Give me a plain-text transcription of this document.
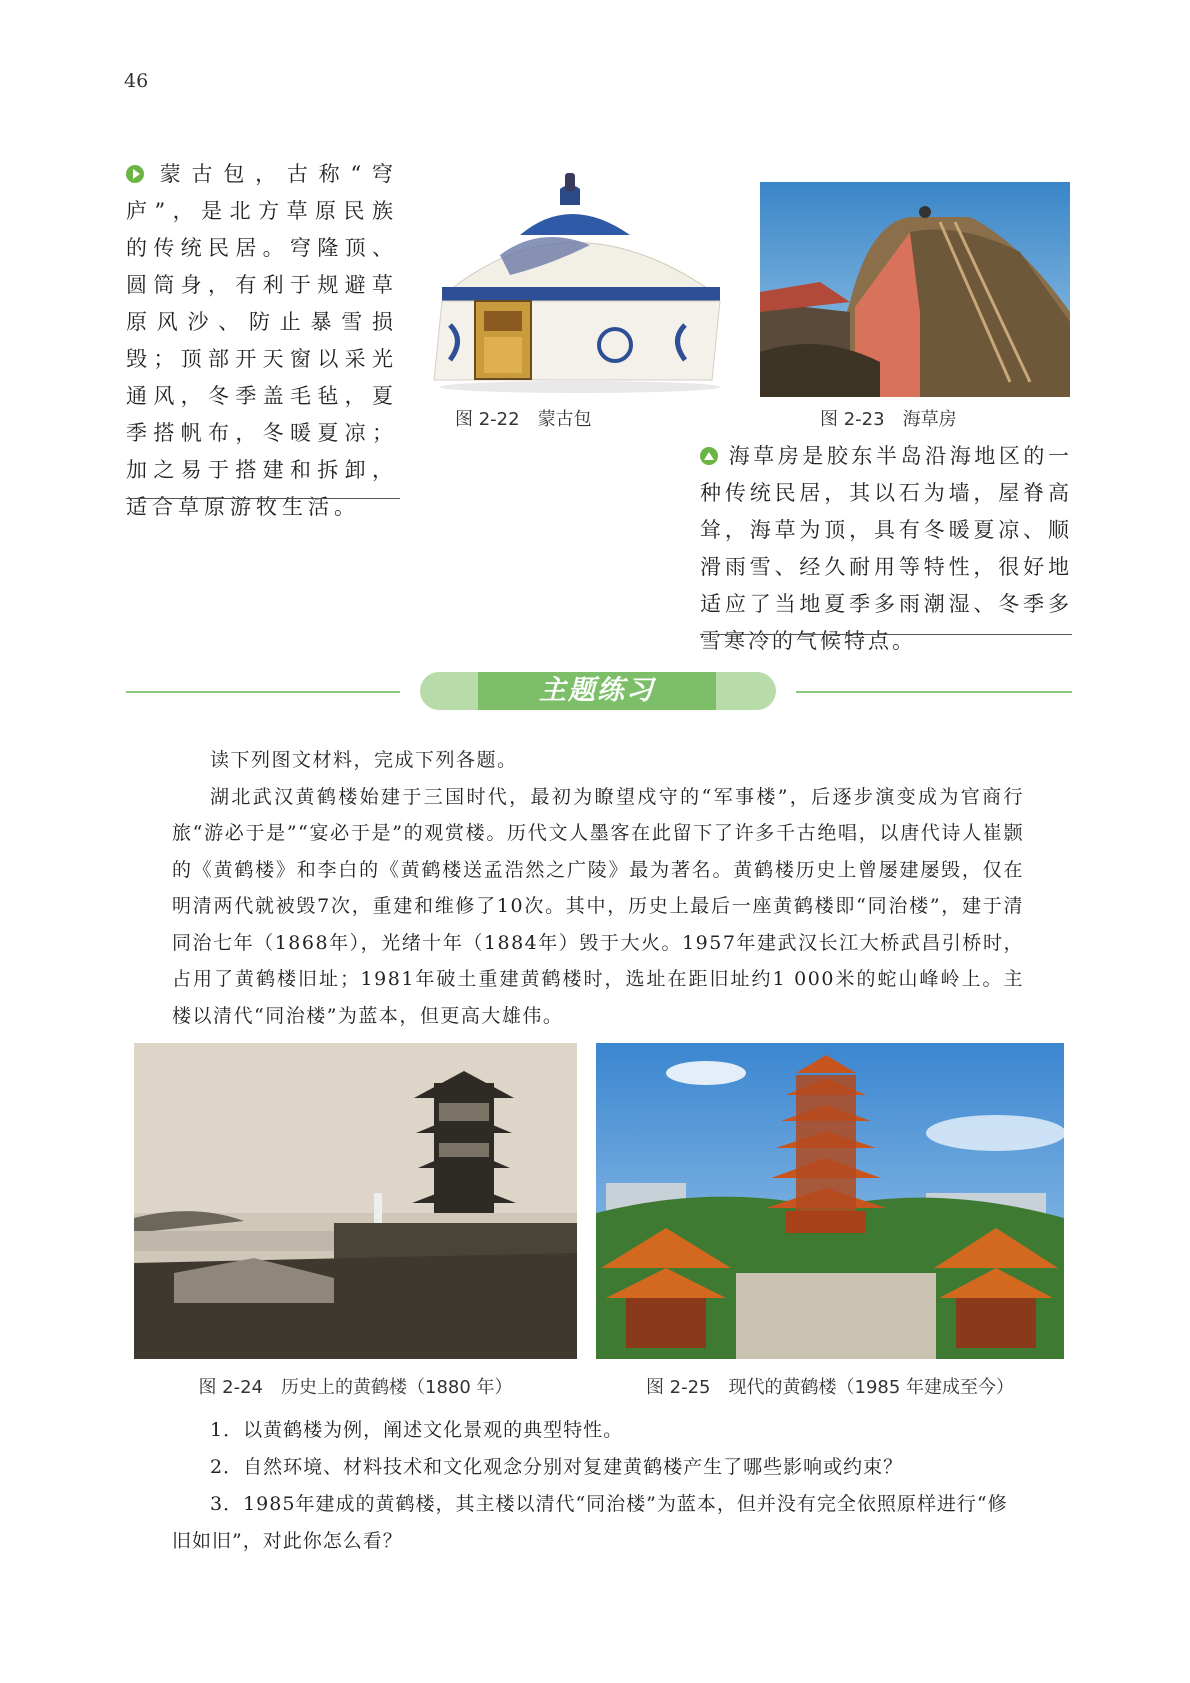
46
蒙古包，古称“穹庐”，是北方草原民族的传统民居。穹隆顶、圆筒身，有利于规避草原风沙、防止暴雪损毁；顶部开天窗以采光通风，冬季盖毛毡，夏季搭帆布，冬暖夏凉；加之易于搭建和拆卸，适合草原游牧生活。
图 2-22　蒙古包	图 2-23　海草房
海草房是胶东半岛沿海地区的一种传统民居，其以石为墙，屋脊高耸，海草为顶，具有冬暖夏凉、顺滑雨雪、经久耐用等特性，很好地适应了当地夏季多雨潮湿、冬季多雪寒冷的气候特点。
主题练习

读下列图文材料，完成下列各题。

湖北武汉黄鹤楼始建于三国时代，最初为瞭望戍守的“军事楼”，后逐步演变成为官商行旅“游必于是”“宴必于是”的观赏楼。历代文人墨客在此留下了许多千古绝唱，以唐代诗人崔颢的《黄鹤楼》和李白的《黄鹤楼送孟浩然之广陵》最为著名。黄鹤楼历史上曾屡建屡毁，仅在明清两代就被毁7次，重建和维修了10次。其中，历史上最后一座黄鹤楼即“同治楼”，建于清同治七年（1868年），光绪十年（1884年）毁于大火。1957年建武汉长江大桥武昌引桥时，占用了黄鹤楼旧址；1981年破土重建黄鹤楼时，选址在距旧址约1 000米的蛇山峰岭上。主楼以清代“同治楼”为蓝本，但更高大雄伟。

图 2-24　历史上的黄鹤楼（1880 年）	图 2-25　现代的黄鹤楼（1985 年建成至今）

1．以黄鹤楼为例，阐述文化景观的典型特性。

2．自然环境、材料技术和文化观念分别对复建黄鹤楼产生了哪些影响或约束？

3．1985年建成的黄鹤楼，其主楼以清代“同治楼”为蓝本，但并没有完全依照原样进行“修旧如旧”，对此你怎么看？
